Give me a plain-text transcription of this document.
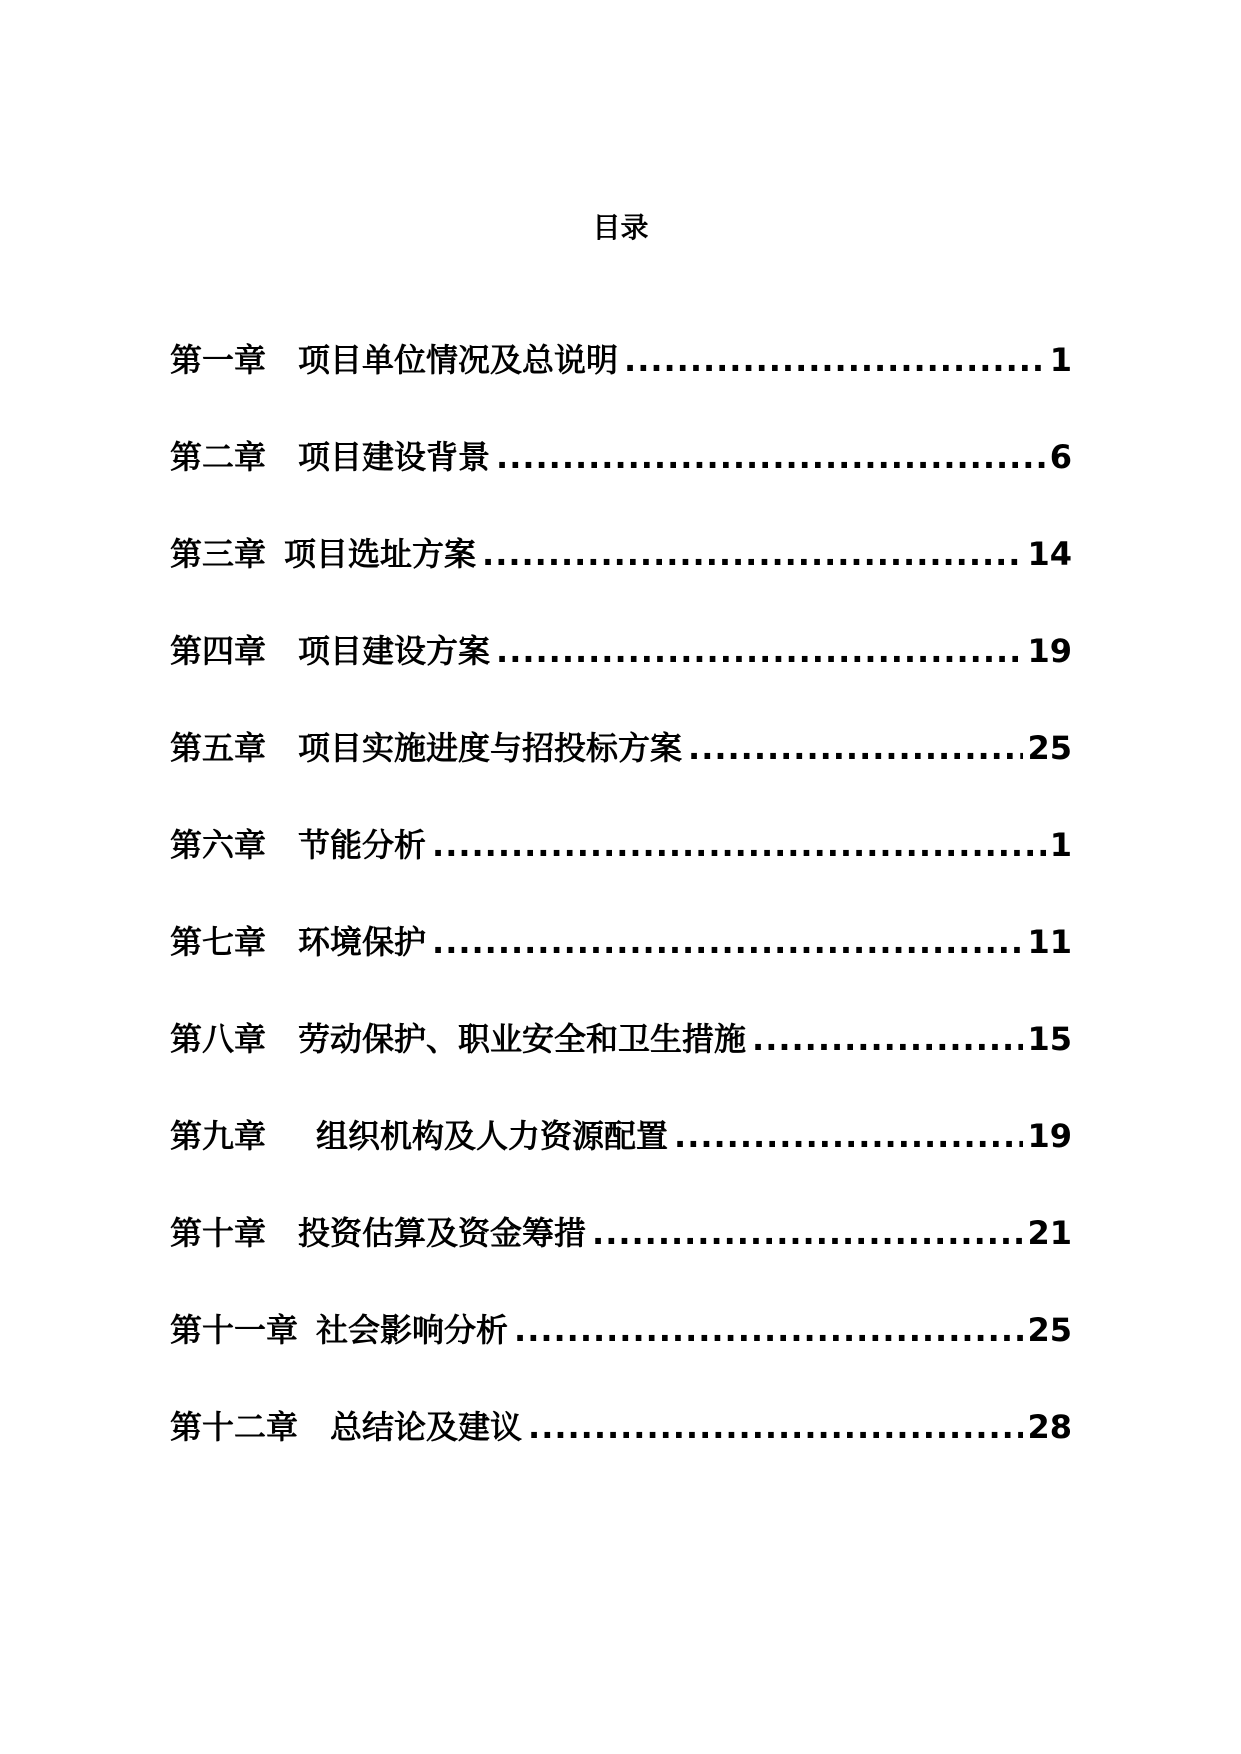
目录
第一章 项目单位情况及总说明 .....	1
第二章 项目建设背景 .....	6
第三章 项目选址方案 .....	14
第四章 项目建设方案 .....	19
第五章 项目实施进度与招投标方案 .....	25
第六章 节能分析 .....	1
第七章 环境保护 .....	11
第八章 劳动保护、职业安全和卫生措施 .....	15
第九章 组织机构及人力资源配置 .....	19
第十章 投资估算及资金筹措 .....	21
第十一章 社会影响分析 .....	25
第十二章 总结论及建议 .....	28
